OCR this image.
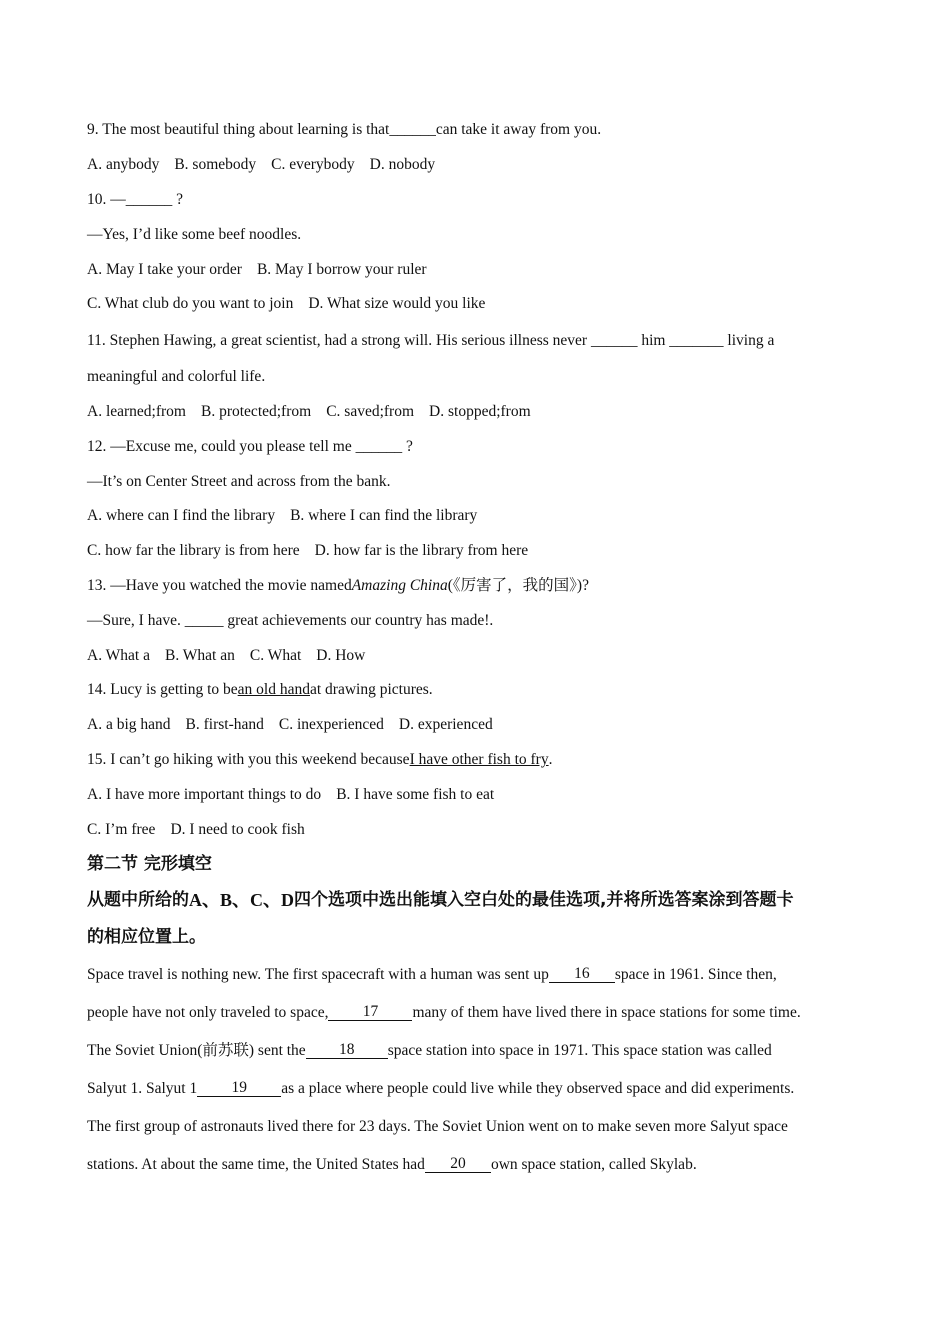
9. The most beautiful thing about learning is that ______ can take it away from you.
A. anybody B. somebody C. everybody D. nobody
10. —______ ?
—Yes, I’d like some beef noodles.
A. May I take your order B. May I borrow your ruler
C. What club do you want to join D. What size would you like
11. Stephen Hawing, a great scientist, had a strong will. His serious illness never ______ him _______ living a
meaningful and colorful life.
A. learned;from B. protected;from C. saved;from D. stopped;from
12. —Excuse me, could you please tell me ______ ?
—It’s on Center Street and across from the bank.
A. where can I find the library B. where I can find the library
C. how far the library is from here D. how far is the library from here
13. —Have you watched the movie named Amazing China (《厉害了，我的国》)?
—Sure, I have. _____ great achievements our country has made!.
A. What a B. What an C. What D. How
14. Lucy is getting to be an old hand at drawing pictures.
A. a big hand B. first-hand C. inexperienced D. experienced
15. I can’t go hiking with you this weekend because I have other fish to fry .
A. I have more important things to do B. I have some fish to eat
C. I’m free D. I need to cook fish
第二节 完形填空
从题中所给的 A、B、C、D 四个选项中选出能填入空白处的最佳选项,并将所选答案涂到答题卡
的相应位置上。
Space travel is nothing new. The first spacecraft with a human was sent up	16	space in 1961. Since then,
people have not only traveled to space,	17	many of them have lived there in space stations for some time.
The Soviet Union(前苏联) sent the	18	space station into space in 1971. This space station was called
Salyut 1. Salyut 1	19	as a place where people could live while they observed space and did experiments.
The first group of astronauts lived there for 23 days. The Soviet Union went on to make seven more Salyut space
stations. At about the same time, the United States had	20	own space station, called Skylab.
